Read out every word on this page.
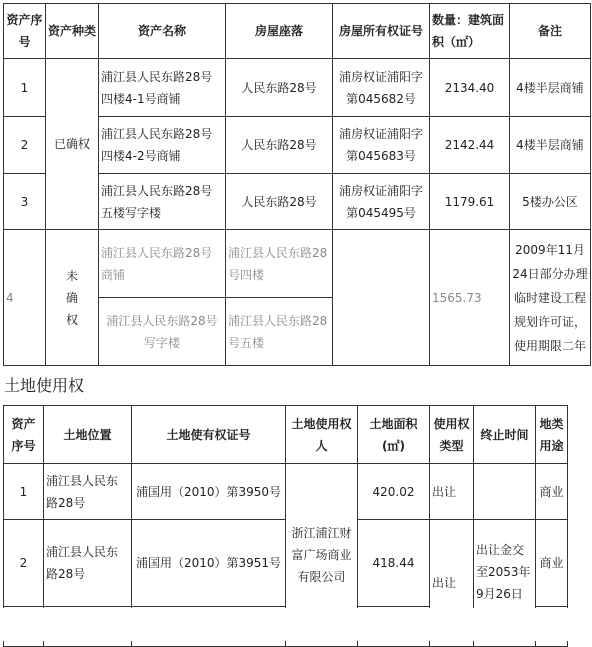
资产序号	资产种类	资产名称	房屋座落	房屋所有权证号	数量：建筑面积（㎡）	备注
1	已确权	浦江县人民东路28号四楼4-1号商铺	人民东路28号	浦房权证浦阳字第045682号	2134.40	4楼半层商铺
2		浦江县人民东路28号四楼4-2号商铺	人民东路28号	浦房权证浦阳字第045683号	2142.44	4楼半层商铺
3		浦江县人民东路28号五楼写字楼	人民东路28号	浦房权证浦阳字第045495号	1179.61	5楼办公区
4	未确权	浦江县人民东路28号商铺	浦江县人民东路28号四楼		1565.73	2009年11月24日部分办理临时建设工程规划许可证，使用期限二年
		浦江县人民东路28号写字楼	浦江县人民东路28号五楼			
土地使用权
资产序号	土地位置	土地使有权证号	土地使用权人	土地面积(㎡)	使用权类型	终止时间	地类用途
1	浦江县人民东路28号	浦国用（2010）第3950号	浙江浦江财富广场商业有限公司	420.02	出让		商业
2	浦江县人民东路28号	浦国用（2010）第3951号		418.44	出让	出让金交至2053年9月26日	商业
